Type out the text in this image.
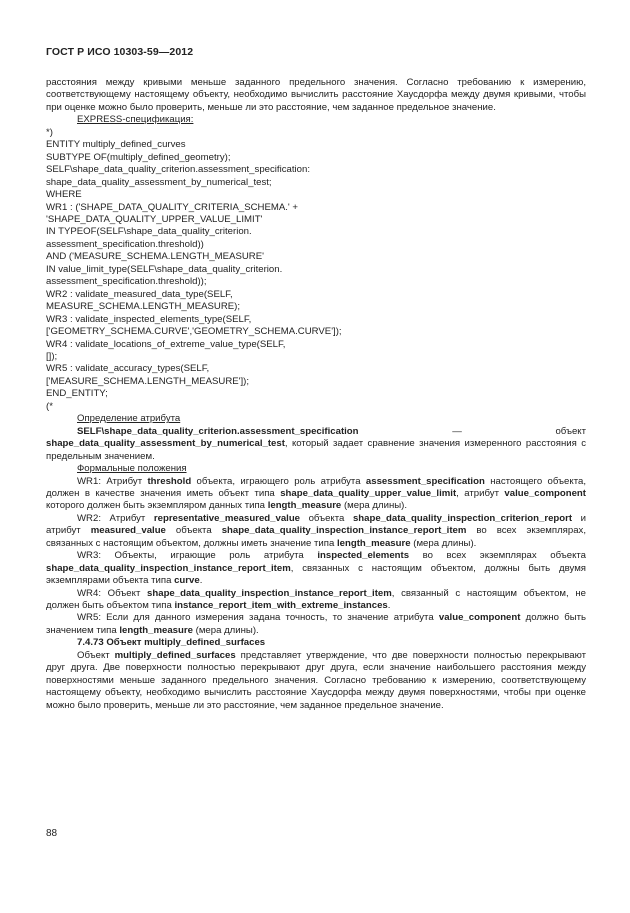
ГОСТ Р ИСО 10303-59—2012

расстояния между кривыми меньше заданного предельного значения. Согласно требованию к измерению, соответствующему настоящему объекту, необходимо вычислить расстояние Хаусдорфа между двумя кривыми, чтобы при оценке можно было проверить, меньше ли это расстояние, чем заданное предельное значение.

EXPRESS-спецификация:
*)
ENTITY multiply_defined_curves
SUBTYPE OF(multiply_defined_geometry);
SELF\shape_data_quality_criterion.assessment_specification:
shape_data_quality_assessment_by_numerical_test;
WHERE
WR1 : ('SHAPE_DATA_QUALITY_CRITERIA_SCHEMA.' +
'SHAPE_DATA_QUALITY_UPPER_VALUE_LIMIT'
IN TYPEOF(SELF\shape_data_quality_criterion.
assessment_specification.threshold))
AND ('MEASURE_SCHEMA.LENGTH_MEASURE'
IN value_limit_type(SELF\shape_data_quality_criterion.
assessment_specification.threshold));
WR2 : validate_measured_data_type(SELF,
MEASURE_SCHEMA.LENGTH_MEASURE);
WR3 : validate_inspected_elements_type(SELF,
['GEOMETRY_SCHEMA.CURVE','GEOMETRY_SCHEMA.CURVE']);
WR4 : validate_locations_of_extreme_value_type(SELF,
[]);
WR5 : validate_accuracy_types(SELF,
['MEASURE_SCHEMA.LENGTH_MEASURE']);
END_ENTITY;
(*
Определение атрибута

SELF\shape_data_quality_criterion.assessment_specification — объект shape_data_quality_assessment_by_numerical_test, который задает сравнение значения измеренного расстояния с предельным значением.

Формальные положения

WR1: Атрибут threshold объекта, играющего роль атрибута assessment_specification настоящего объекта, должен в качестве значения иметь объект типа shape_data_quality_upper_value_limit, атрибут value_component которого должен быть экземпляром данных типа length_measure (мера длины).

WR2: Атрибут representative_measured_value объекта shape_data_quality_inspection_criterion_report и атрибут measured_value объекта shape_data_quality_inspection_instance_report_item во всех экземплярах, связанных с настоящим объектом, должны иметь значение типа length_measure (мера длины).

WR3: Объекты, играющие роль атрибута inspected_elements во всех экземплярах объекта shape_data_quality_inspection_instance_report_item, связанных с настоящим объектом, должны быть двумя экземплярами объекта типа curve.

WR4: Объект shape_data_quality_inspection_instance_report_item, связанный с настоящим объектом, не должен быть объектом типа instance_report_item_with_extreme_instances.

WR5: Если для данного измерения задана точность, то значение атрибута value_component должно быть значением типа length_measure (мера длины).

7.4.73 Объект multiply_defined_surfaces

Объект multiply_defined_surfaces представляет утверждение, что две поверхности полностью перекрывают друг друга. Две поверхности полностью перекрывают друг друга, если значение наибольшего расстояния между поверхностями меньше заданного предельного значения. Согласно требованию к измерению, соответствующему настоящему объекту, необходимо вычислить расстояние Хаусдорфа между двумя поверхностями, чтобы при оценке можно было проверить, меньше ли это расстояние, чем заданное предельное значение.

88
